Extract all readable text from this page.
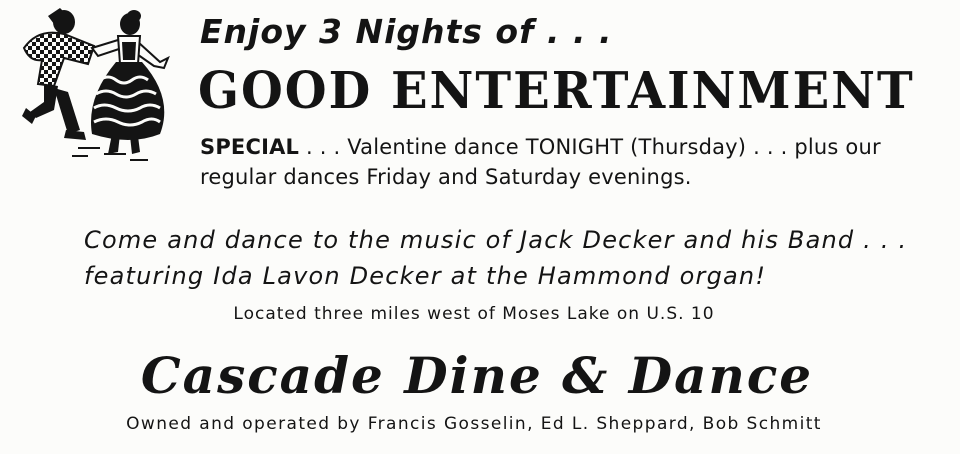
Enjoy 3 Nights of . . .
GOOD ENTERTAINMENT
SPECIAL . . . Valentine dance TONIGHT (Thursday) . . . plus our
regular dances Friday and Saturday evenings.
Come and dance to the music of Jack Decker and his Band . . .
featuring Ida Lavon Decker at the Hammond organ!
Located three miles west of Moses Lake on U.S. 10
Cascade Dine & Dance
Owned and operated by Francis Gosselin, Ed L. Sheppard, Bob Schmitt
